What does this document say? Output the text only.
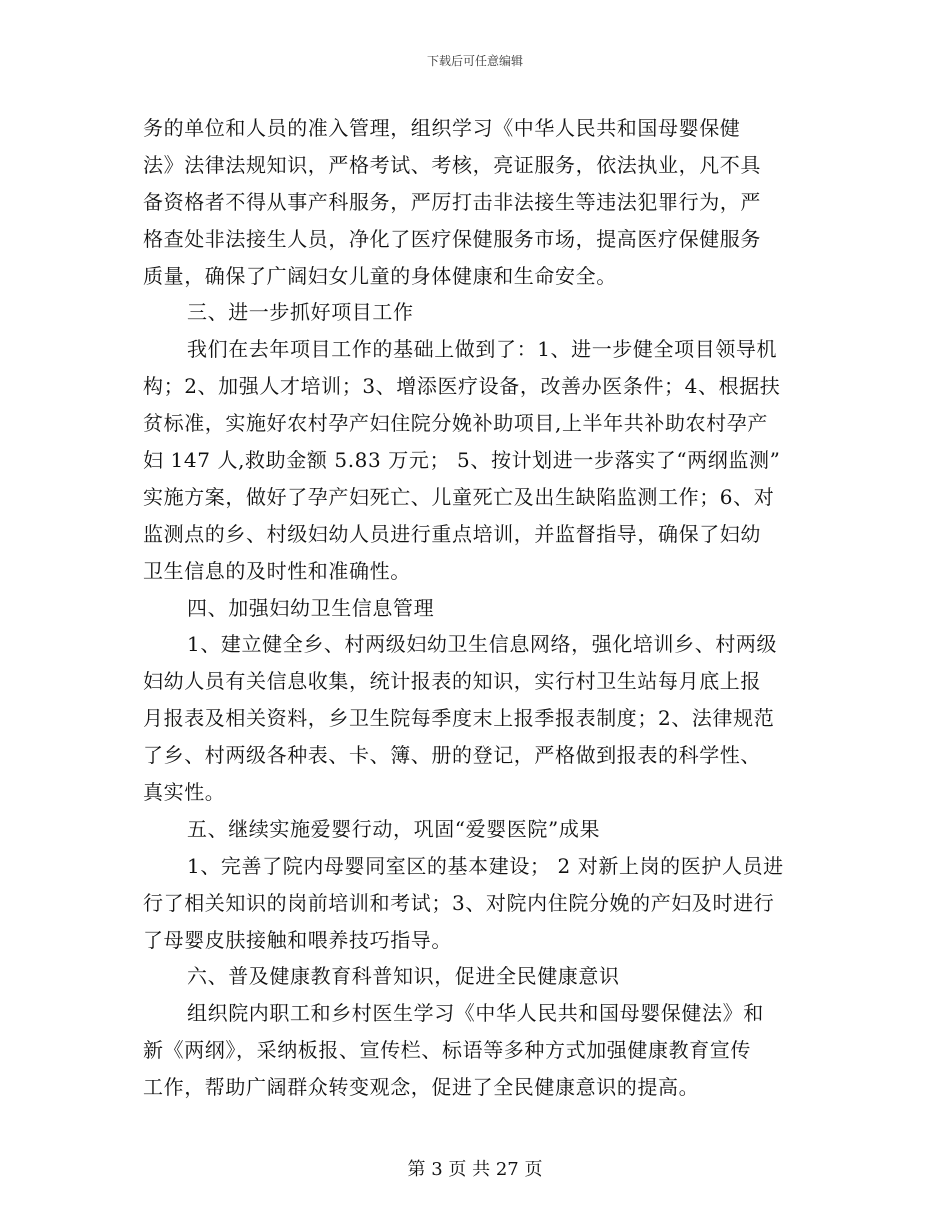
下载后可任意编辑
务的单位和人员的准入管理，组织学习《中华人民共和国母婴保健
法》法律法规知识，严格考试、考核，亮证服务，依法执业，凡不具
备资格者不得从事产科服务，严厉打击非法接生等违法犯罪行为，严
格查处非法接生人员，净化了医疗保健服务市场，提高医疗保健服务
质量，确保了广阔妇女儿童的身体健康和生命安全。
三、进一步抓好项目工作
我们在去年项目工作的基础上做到了：1、进一步健全项目领导机
构；2、加强人才培训；3、增添医疗设备，改善办医条件；4、根据扶
贫标准，实施好农村孕产妇住院分娩补助项目,上半年共补助农村孕产
妇 147 人,救助金额 5.83 万元； 5、按计划进一步落实了“两纲监测”
实施方案，做好了孕产妇死亡、儿童死亡及出生缺陷监测工作；6、对
监测点的乡、村级妇幼人员进行重点培训，并监督指导，确保了妇幼
卫生信息的及时性和准确性。
四、加强妇幼卫生信息管理
1、建立健全乡、村两级妇幼卫生信息网络，强化培训乡、村两级
妇幼人员有关信息收集，统计报表的知识，实行村卫生站每月底上报
月报表及相关资料，乡卫生院每季度末上报季报表制度；2、法律规范
了乡、村两级各种表、卡、簿、册的登记，严格做到报表的科学性、
真实性。
五、继续实施爱婴行动，巩固“爱婴医院”成果
1、完善了院内母婴同室区的基本建设； 2 对新上岗的医护人员进
行了相关知识的岗前培训和考试；3、对院内住院分娩的产妇及时进行
了母婴皮肤接触和喂养技巧指导。
六、普及健康教育科普知识，促进全民健康意识
组织院内职工和乡村医生学习《中华人民共和国母婴保健法》和
新《两纲》，采纳板报、宣传栏、标语等多种方式加强健康教育宣传
工作，帮助广阔群众转变观念，促进了全民健康意识的提高。
第 3 页 共 27 页
